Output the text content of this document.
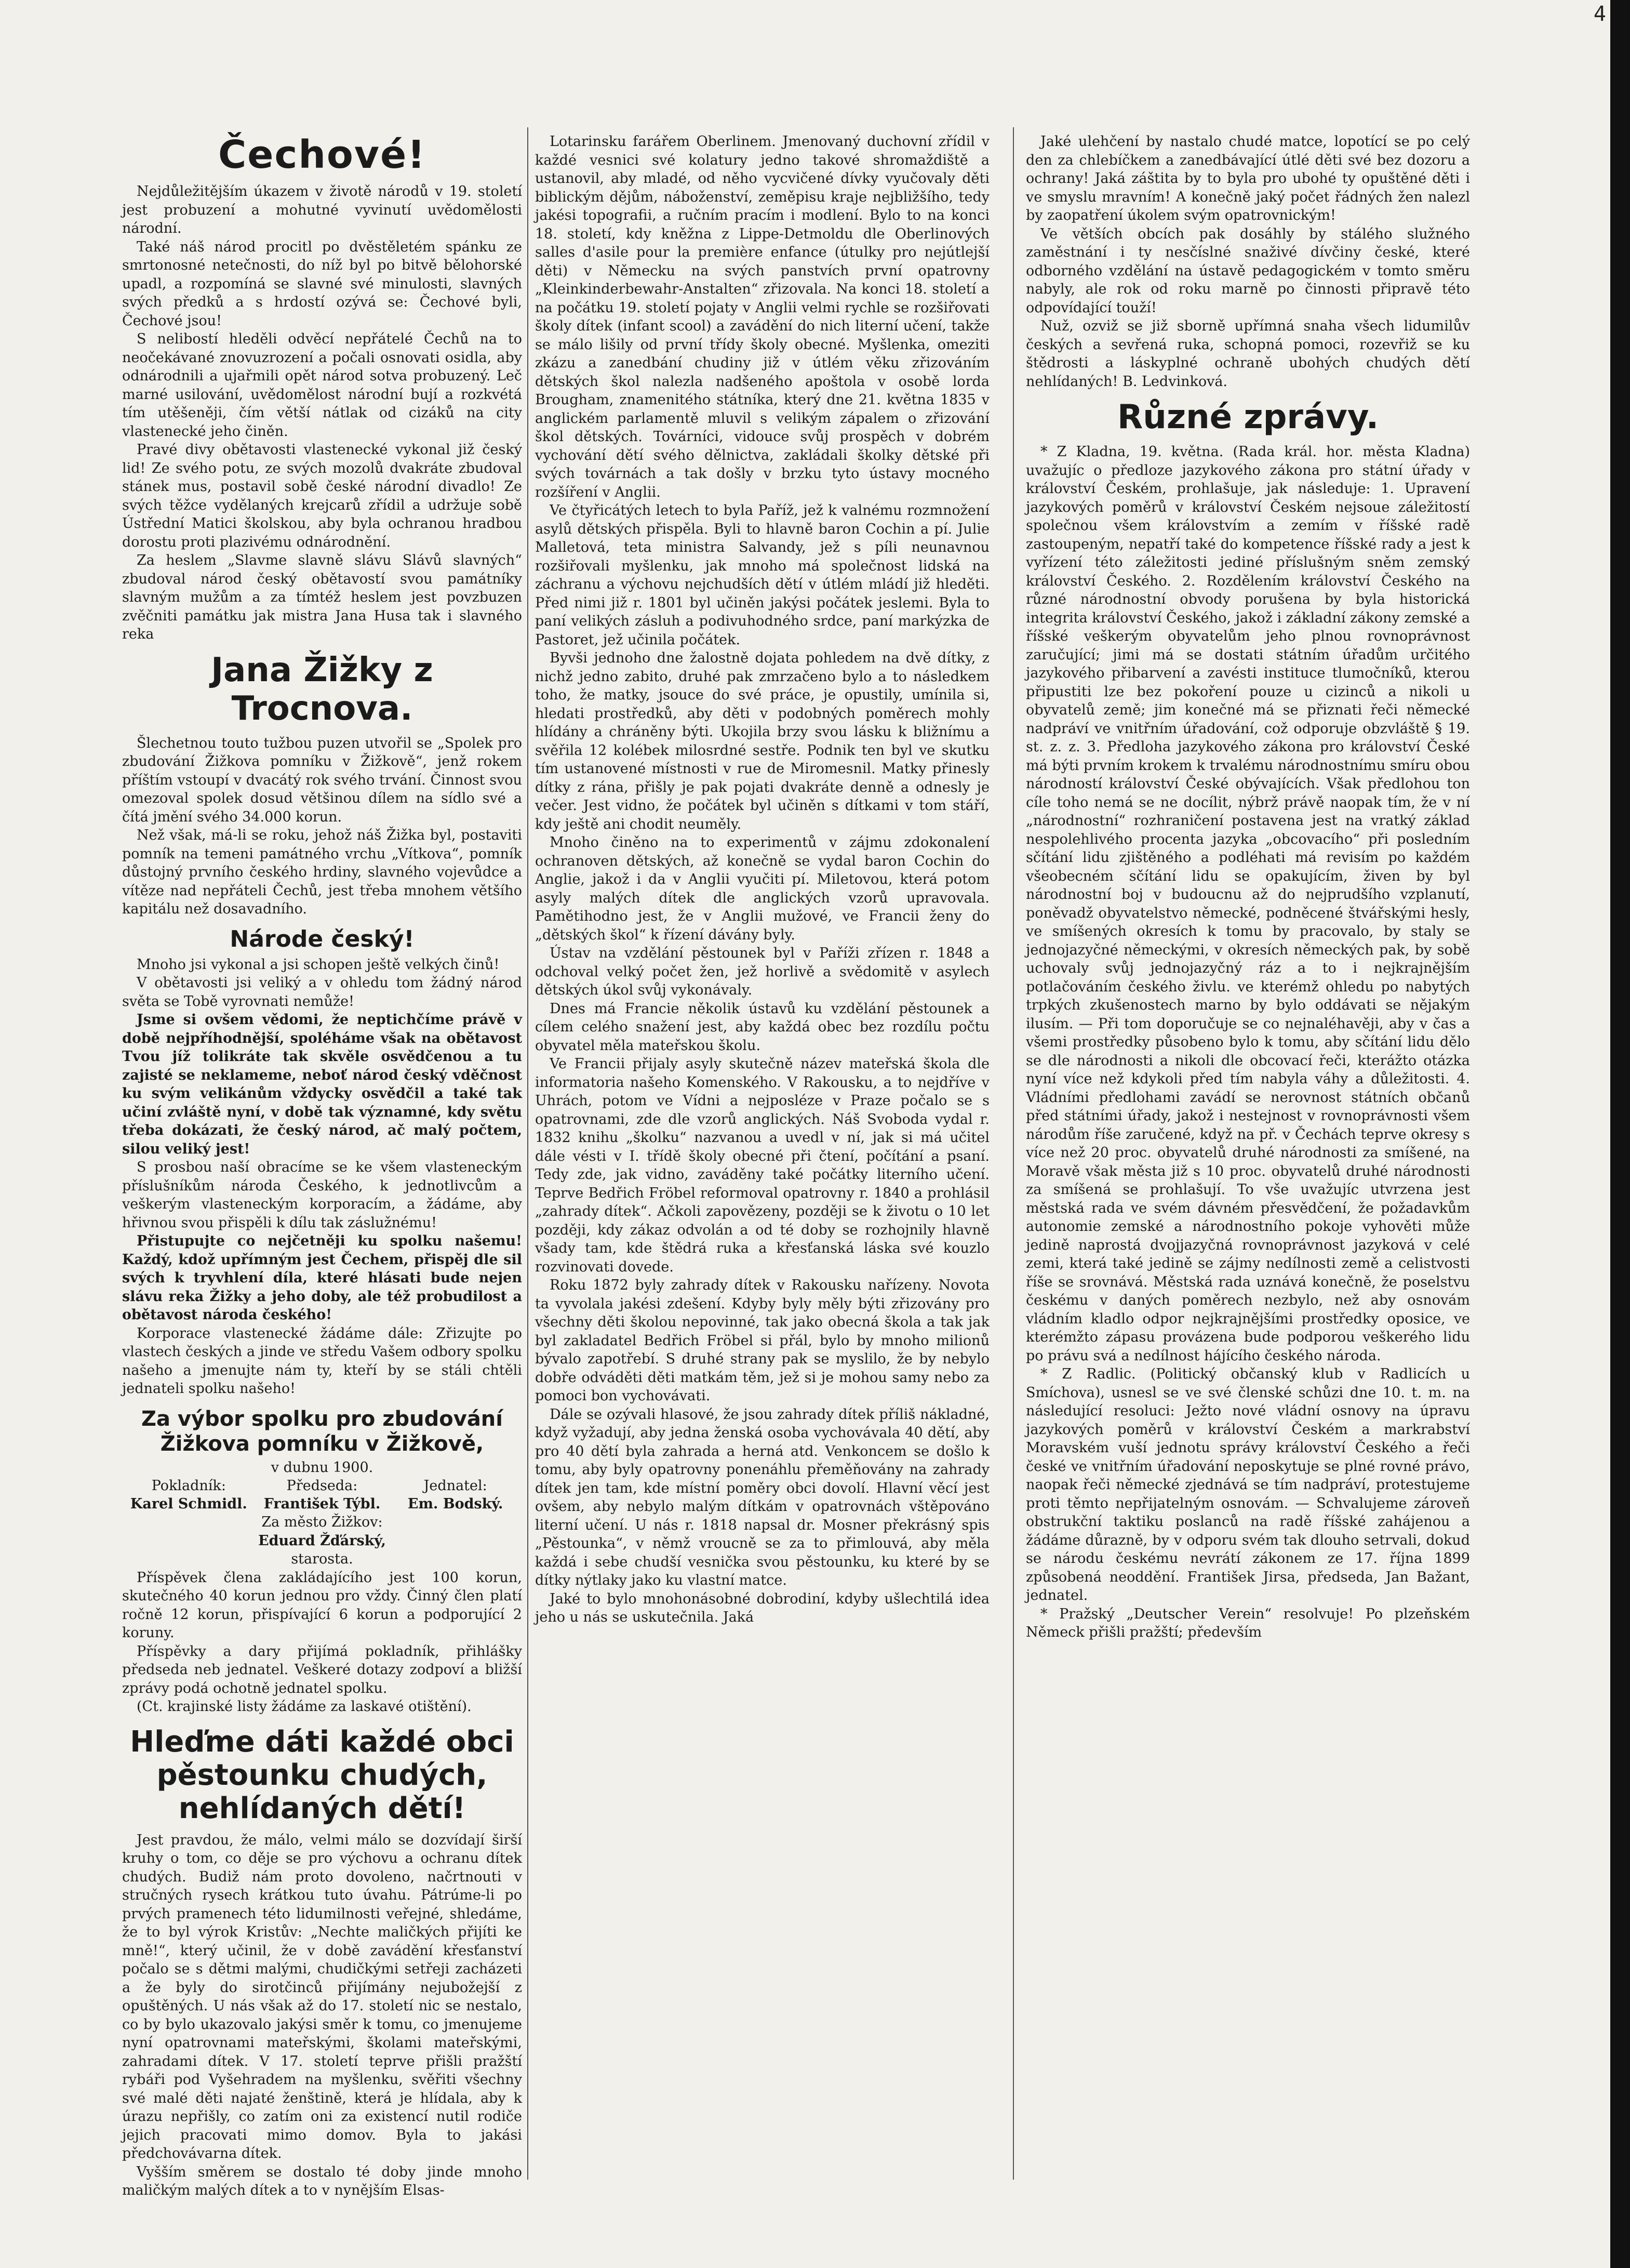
4
Čechové!

Nejdůležitějším úkazem v životě národů v 19. století jest probuzení a mohutné vyvinutí uvědomělosti národní.

Také náš národ procitl po dvěstěletém spánku ze smrtonosné netečnosti, do níž byl po bitvě bělohorské upadl, a rozpomíná se slavné své minulosti, slavných svých předků a s hrdostí ozývá se: Čechové byli, Čechové jsou!

S nelibostí hleděli odvěcí nepřátelé Čechů na to neočekávané znovuzrození a počali osnovati osidla, aby odnárodnili a ujařmili opět národ sotva probuzený. Leč marné usilování, uvědomělost národní bují a rozkvétá tím utěšeněji, čím větší nátlak od cizáků na city vlastenecké jeho činěn.

Pravé divy obětavosti vlastenecké vykonal již český lid! Ze svého potu, ze svých mozolů dvakráte zbudoval stánek mus, postavil sobě české národní divadlo! Ze svých těžce vydělaných krejcarů zřídil a udržuje sobě Ústřední Matici školskou, aby byla ochranou hradbou dorostu proti plazivému odnárodnění.

Za heslem „Slavme slavně slávu Slávů slavných“ zbudoval národ český obětavostí svou památníky slavným mužům a za tímtéž heslem jest povzbuzen zvěčniti památku jak mistra Jana Husa tak i slavného reka

Jana Žižky z Trocnova.

Šlechetnou touto tužbou puzen utvořil se „Spolek pro zbudování Žižkova pomníku v Žižkově“, jenž rokem příštím vstoupí v dvacátý rok svého trvání. Činnost svou omezoval spolek dosud většinou dílem na sídlo své a čítá jmění svého 34.000 korun.

Než však, má-li se roku, jehož náš Žižka byl, postaviti pomník na temeni památného vrchu „Vítkova“, pomník důstojný prvního českého hrdiny, slavného vojevůdce a vítěze nad nepřáteli Čechů, jest třeba mnohem většího kapitálu než dosavadního.

Národe český!

Mnoho jsi vykonal a jsi schopen ještě velkých činů!

V obětavosti jsi veliký a v ohledu tom žádný národ světa se Tobě vyrovnati nemůže!

Jsme si ovšem vědomi, že neptichčíme právě v době nejpříhodnější, spoléháme však na obětavost Tvou jíž tolikráte tak skvěle osvědčenou a tu zajisté se neklameme, neboť národ český vděčnost ku svým velikánům vždycky osvědčil a také tak učiní zvláště nyní, v době tak významné, kdy světu třeba dokázati, že český národ, ač malý počtem, silou veliký jest!

S prosbou naší obracíme se ke všem vlasteneckým příslušníkům národa Českého, k jednotlivcům a veškerým vlasteneckým korporacím, a žádáme, aby hřivnou svou přispěli k dílu tak záslužnému!

Přistupujte co nejčetněji ku spolku našemu! Každý, kdož upřímným jest Čechem, přispěj dle sil svých k tryvhlení díla, které hlásati bude nejen slávu reka Žižky a jeho doby, ale též probudilost a obětavost národa českého!

Korporace vlastenecké žádáme dále: Zřizujte po vlastech českých a jinde ve středu Vašem odbory spolku našeho a jmenujte nám ty, kteří by se stáli chtěli jednateli spolku našeho!

Za výbor spolku pro zbudování Žižkova pomníku v Žižkově,

v dubnu 1900.

Pokladník:	Předseda:	Jednatel:
Karel Schmidl.	František Týbl.	Em. Bodský.

Za město Žižkov:

Eduard Žďárský,

starosta.

Příspěvek člena zakládajícího jest 100 korun, skutečného 40 korun jednou pro vždy. Činný člen platí ročně 12 korun, přispívající 6 korun a podporující 2 koruny.

Příspěvky a dary přijímá pokladník, přihlášky předseda neb jednatel. Veškeré dotazy zodpoví a bližší zprávy podá ochotně jednatel spolku.

(Ct. krajinské listy žádáme za laskavé otištění).

Hleďme dáti každé obci pěstounku chudých, nehlídaných dětí!

Jest pravdou, že málo, velmi málo se dozvídají širší kruhy o tom, co děje se pro výchovu a ochranu dítek chudých. Budiž nám proto dovoleno, načrtnouti v stručných rysech krátkou tuto úvahu. Pátrúme-li po prvých pramenech této lidumilnosti veřejné, shledáme, že to byl výrok Kristův: „Nechte maličkých přijíti ke mně!“, který učinil, že v době zavádění křesťanství počalo se s dětmi malými, chudičkými setřeji zacházeti a že byly do sirotčinců přijímány nejubožejší z opuštěných. U nás však až do 17. století nic se nestalo, co by bylo ukazovalo jakýsi směr k tomu, co jmenujeme nyní opatrovnami mateřskými, školami mateřskými, zahradami dítek. V 17. století teprve přišli pražští rybáři pod Vyšehradem na myšlenku, svěřiti všechny své malé děti najaté ženštině, která je hlídala, aby k úrazu nepřišly, co zatím oni za existencí nutil rodiče jejich pracovati mimo domov. Byla to jakási předchovávarna dítek.

Vyšším směrem se dostalo té doby jinde mnoho maličkým malých dítek a to v nynějším Elsas-

Lotarinsku farářem Oberlinem. Jmenovaný duchovní zřídil v každé vesnici své kolatury jedno takové shromaždiště a ustanovil, aby mladé, od něho vycvičené dívky vyučovaly děti biblickým dějům, náboženství, zeměpisu kraje nejbližšího, tedy jakési topografii, a ručním pracím i modlení. Bylo to na konci 18. století, kdy kněžna z Lippe-Detmoldu dle Oberlinových salles d'asile pour la première enfance (útulky pro nejútlejší děti) v Německu na svých panstvích první opatrovny „Kleinkinderbewahr-Anstalten“ zřizovala. Na konci 18. století a na počátku 19. století pojaty v Anglii velmi rychle se rozšiřovati školy dítek (infant scool) a zavádění do nich literní učení, takže se málo lišily od první třídy školy obecné. Myšlenka, omeziti zkázu a zanedbání chudiny již v útlém věku zřizováním dětských škol nalezla nadšeného apoštola v osobě lorda Brougham, znamenitého státníka, který dne 21. května 1835 v anglickém parlamentě mluvil s velikým zápalem o zřizování škol dětských. Továrníci, vidouce svůj prospěch v dobrém vychování dětí svého dělnictva, zakládali školky dětské při svých továrnách a tak došly v brzku tyto ústavy mocného rozšíření v Anglii.

Ve čtyřicátých letech to byla Paříž, jež k valnému rozmnožení asylů dětských přispěla. Byli to hlavně baron Cochin a pí. Julie Malletová, teta ministra Salvandy, jež s píli neunavnou rozšiřovali myšlenku, jak mnoho má společnost lidská na záchranu a výchovu nejchudších dětí v útlém mládí již hleděti. Před nimi již r. 1801 byl učiněn jakýsi počátek jeslemi. Byla to paní velikých zásluh a podivuhodného srdce, paní markýzka de Pastoret, jež učinila počátek.

Byvši jednoho dne žalostně dojata pohledem na dvě dítky, z nichž jedno zabito, druhé pak zmrzačeno bylo a to následkem toho, že matky, jsouce do své práce, je opustily, umínila si, hledati prostředků, aby děti v podobných poměrech mohly hlídány a chráněny býti. Ukojila brzy svou lásku k bližnímu a svěřila 12 kolébek milosrdné sestře. Podnik ten byl ve skutku tím ustanovené místnosti v rue de Miromesnil. Matky přinesly dítky z rána, přišly je pak pojati dvakráte denně a odnesly je večer. Jest vidno, že počátek byl učiněn s dítkami v tom stáří, kdy ještě ani chodit neuměly.

Mnoho činěno na to experimentů v zájmu zdokonalení ochranoven dětských, až konečně se vydal baron Cochin do Anglie, jakož i da v Anglii vyučiti pí. Miletovou, která potom asyly malých dítek dle anglických vzorů upravovala. Pamětihodno jest, že v Anglii mužové, ve Francii ženy do „dětských škol“ k řízení dávány byly.

Ústav na vzdělání pěstounek byl v Paříži zřízen r. 1848 a odchoval velký počet žen, jež horlivě a svědomitě v asylech dětských úkol svůj vykonávaly.

Dnes má Francie několik ústavů ku vzdělání pěstounek a cílem celého snažení jest, aby každá obec bez rozdílu počtu obyvatel měla mateřskou školu.

Ve Francii přijaly asyly skutečně název mateřská škola dle informatoria našeho Komenského. V Rakousku, a to nejdříve v Uhrách, potom ve Vídni a nejposléze v Praze počalo se s opatrovnami, zde dle vzorů anglických. Náš Svoboda vydal r. 1832 knihu „školku“ nazvanou a uvedl v ní, jak si má učitel dále vésti v I. třídě školy obecné při čtení, počítání a psaní. Tedy zde, jak vidno, zaváděny také počátky literního učení. Teprve Bedřich Fröbel reformoval opatrovny r. 1840 a prohlásil „zahrady dítek“. Ačkoli zapovězeny, později se k životu o 10 let později, kdy zákaz odvolán a od té doby se rozhojnily hlavně všady tam, kde štědrá ruka a křesťanská láska své kouzlo rozvinovati dovede.

Roku 1872 byly zahrady dítek v Rakousku nařízeny. Novota ta vyvolala jakési zdešení. Kdyby byly měly býti zřizovány pro všechny děti školou nepovinné, tak jako obecná škola a tak jak byl zakladatel Bedřich Fröbel si přál, bylo by mnoho milionů bývalo zapotřebí. S druhé strany pak se myslilo, že by nebylo dobře odváděti děti matkám těm, jež si je mohou samy nebo za pomoci bon vychovávati.

Dále se ozývali hlasové, že jsou zahrady dítek příliš nákladné, když vyžadují, aby jedna ženská osoba vychovávala 40 dětí, aby pro 40 dětí byla zahrada a herná atd. Venkoncem se došlo k tomu, aby byly opatrovny ponenáhlu přeměňovány na zahrady dítek jen tam, kde místní poměry obci dovolí. Hlavní věcí jest ovšem, aby nebylo malým dítkám v opatrovnách vštěpováno literní učení. U nás r. 1818 napsal dr. Mosner překrásný spis „Pěstounka“, v němž vroucně se za to přimlouvá, aby měla každá i sebe chudší vesnička svou pěstounku, ku které by se dítky nýtlaky jako ku vlastní matce.

Jaké to bylo mnohonásobné dobrodiní, kdyby ušlechtilá idea jeho u nás se uskutečnila. Jaká

Jaké ulehčení by nastalo chudé matce, lopotící se po celý den za chlebíčkem a zanedbávající útlé děti své bez dozoru a ochrany! Jaká záštita by to byla pro ubohé ty opuštěné děti i ve smyslu mravním! A konečně jaký počet řádných žen nalezl by zaopatření úkolem svým opatrovnickým!

Ve větších obcích pak dosáhly by stálého služného zaměstnání i ty nesčíslné snaživé dívčiny české, které odborného vzdělání na ústavě pedagogickém v tomto směru nabyly, ale rok od roku marně po činnosti připravě této odpovídající touží!

Nuž, ozviž se již sborně upřímná snaha všech lidumilův českých a sevřená ruka, schopná pomoci, rozevřiž se ku štědrosti a láskyplné ochraně ubohých chudých dětí nehlídaných! B. Ledvinková.

Různé zprávy.

* Z Kladna, 19. května. (Rada král. hor. města Kladna) uvažujíc o předloze jazykového zákona pro státní úřady v království Českém, prohlašuje, jak následuje: 1. Upravení jazykových poměrů v království Českém nejsoue záležitostí společnou všem královstvím a zemím v říšské radě zastoupeným, nepatří také do kompetence říšské rady a jest k vyřízení této záležitosti jediné příslušným sněm zemský království Českého. 2. Rozdělením království Českého na různé národnostní obvody porušena by byla historická integrita království Českého, jakož i základní zákony zemské a říšské veškerým obyvatelům jeho plnou rovnoprávnost zaručující; jimi má se dostati státním úřadům určitého jazykového přibarvení a zavésti instituce tlumočníků, kterou připustiti lze bez pokoření pouze u cizinců a nikoli u obyvatelů země; jim konečné má se přiznati řeči německé nadpráví ve vnitřním úřadování, což odporuje obzvláště § 19. st. z. z. 3. Předloha jazykového zákona pro království České má býti prvním krokem k trvalému národnostnímu smíru obou národností království České obývajících. Však předlohou ton cíle toho nemá se ne docílit, nýbrž právě naopak tím, že v ní „národnostní“ rozhraničení postavena jest na vratký základ nespolehlivého procenta jazyka „obcovacího“ při posledním sčítání lidu zjištěného a podléhati má revisím po každém všeobecném sčítání lidu se opakujícím, živen by byl národnostní boj v budoucnu až do nejprudšího vzplanutí, poněvadž obyvatelstvo německé, podněcené štvářskými hesly, ve smíšených okresích k tomu by pracovalo, by staly se jednojazyčné německými, v okresích německých pak, by sobě uchovaly svůj jednojazyčný ráz a to i nejkrajnějším potlačováním českého živlu. ve kterémž ohledu po nabytých trpkých zkušenostech marno by bylo oddávati se nějakým ilusím. — Při tom doporučuje se co nejnaléhavěji, aby v čas a všemi prostředky působeno bylo k tomu, aby sčítání lidu dělo se dle národnosti a nikoli dle obcovací řeči, kterážto otázka nyní více než kdykoli před tím nabyla váhy a důležitosti. 4. Vládními předlohami zavádí se nerovnost státních občanů před státními úřady, jakož i nestejnost v rovnoprávnosti všem národům říše zaručené, když na př. v Čechách teprve okresy s více než 20 proc. obyvatelů druhé národnosti za smíšené, na Moravě však města již s 10 proc. obyvatelů druhé národnosti za smíšená se prohlašují. To vše uvažujíc utvrzena jest městská rada ve svém dávném přesvědčení, že požadavkům autonomie zemské a národnostního pokoje vyhověti může jedině naprostá dvojjazyčná rovnoprávnost jazyková v celé zemi, která také jedině se zájmy nedílnosti země a celistvosti říše se srovnává. Městská rada uznává konečně, že poselstvu českému v daných poměrech nezbylo, než aby osnovám vládním kladlo odpor nejkrajnějšími prostředky oposice, ve kterémžto zápasu provázena bude podporou veškerého lidu po právu svá a nedílnost hájícího českého národa.

* Z Radlic. (Politický občanský klub v Radlicích u Smíchova), usnesl se ve své členské schůzi dne 10. t. m. na následující resoluci: Ježto nové vládní osnovy na úpravu jazykových poměrů v království Českém a markrabství Moravském vuší jednotu správy království Českého a řeči české ve vnitřním úřadování neposkytuje se plné rovné právo, naopak řeči německé zjednává se tím nadpráví, protestujeme proti těmto nepřijatelným osnovám. — Schvalujeme zároveň obstrukční taktiku poslanců na radě říšské zahájenou a žádáme důrazně, by v odporu svém tak dlouho setrvali, dokud se národu českému nevrátí zákonem ze 17. října 1899 způsobená neoddění. František Jirsa, předseda, Jan Bažant, jednatel.

* Pražský „Deutscher Verein“ resolvuje! Po plzeňském Německ přišli pražští; především
